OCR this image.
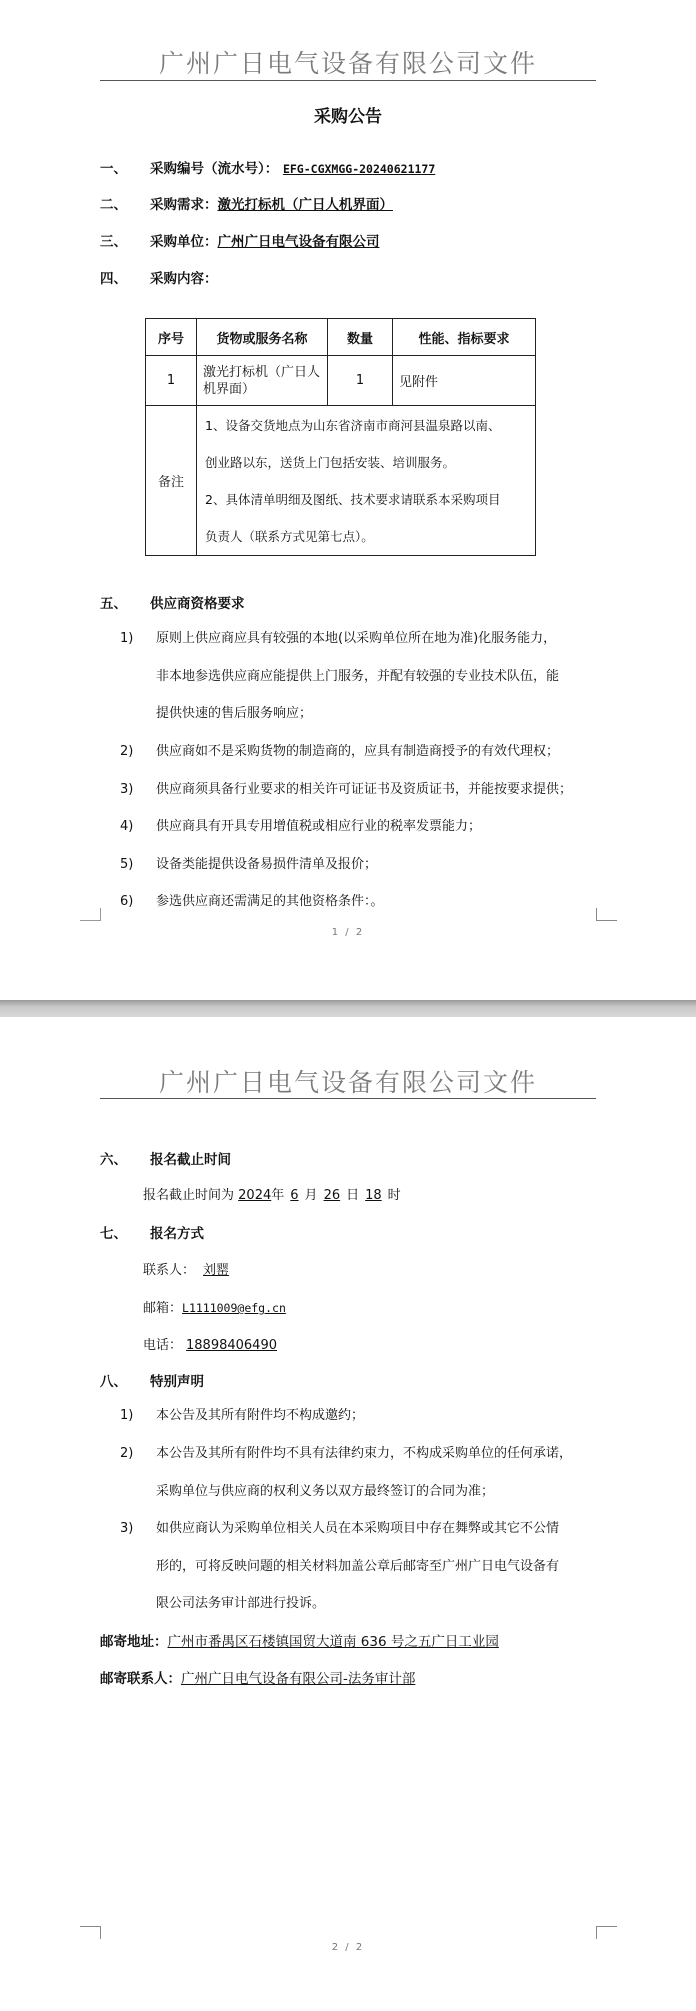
广州广日电气设备有限公司文件
采购公告
一、 采购编号（流水号）： EFG-CGXMGG-20240621177
二、 采购需求：激光打标机（广日人机界面）
三、 采购单位：广州广日电气设备有限公司
四、 采购内容：
序号	货物或服务名称	数量	性能、指标要求
1	激光打标机（广日人
机界面）	1	见附件
备注	1、设备交货地点为山东省济南市商河县温泉路以南、
创业路以东，送货上门包括安装、培训服务。
2、具体清单明细及图纸、技术要求请联系本采购项目
负责人（联系方式见第七点）。		
五、 供应商资格要求
1)	原则上供应商应具有较强的本地(以采购单位所在地为准)化服务能力，
非本地参选供应商应能提供上门服务，并配有较强的专业技术队伍，能
提供快速的售后服务响应；
2)	供应商如不是采购货物的制造商的，应具有制造商授予的有效代理权；
3)	供应商须具备行业要求的相关许可证证书及资质证书，并能按要求提供；
4)	供应商具有开具专用增值税或相应行业的税率发票能力；
5)	设备类能提供设备易损件清单及报价；
6)	参选供应商还需满足的其他资格条件：。
1 / 2
广州广日电气设备有限公司文件
六、 报名截止时间
报名截止时间为 2024年 6 月 26 日 18 时
七、 报名方式
联系人： 刘罂
邮箱：L1111009@efg.cn
电话： 18898406490
八、 特别声明
1)	本公告及其所有附件均不构成邀约；
2)	本公告及其所有附件均不具有法律约束力，不构成采购单位的任何承诺，
采购单位与供应商的权利义务以双方最终签订的合同为准；
3)	如供应商认为采购单位相关人员在本采购项目中存在舞弊或其它不公情
形的，可将反映问题的相关材料加盖公章后邮寄至广州广日电气设备有
限公司法务审计部进行投诉。
邮寄地址：广州市番禺区石楼镇国贸大道南 636 号之五广日工业园
邮寄联系人：广州广日电气设备有限公司-法务审计部
2 / 2
